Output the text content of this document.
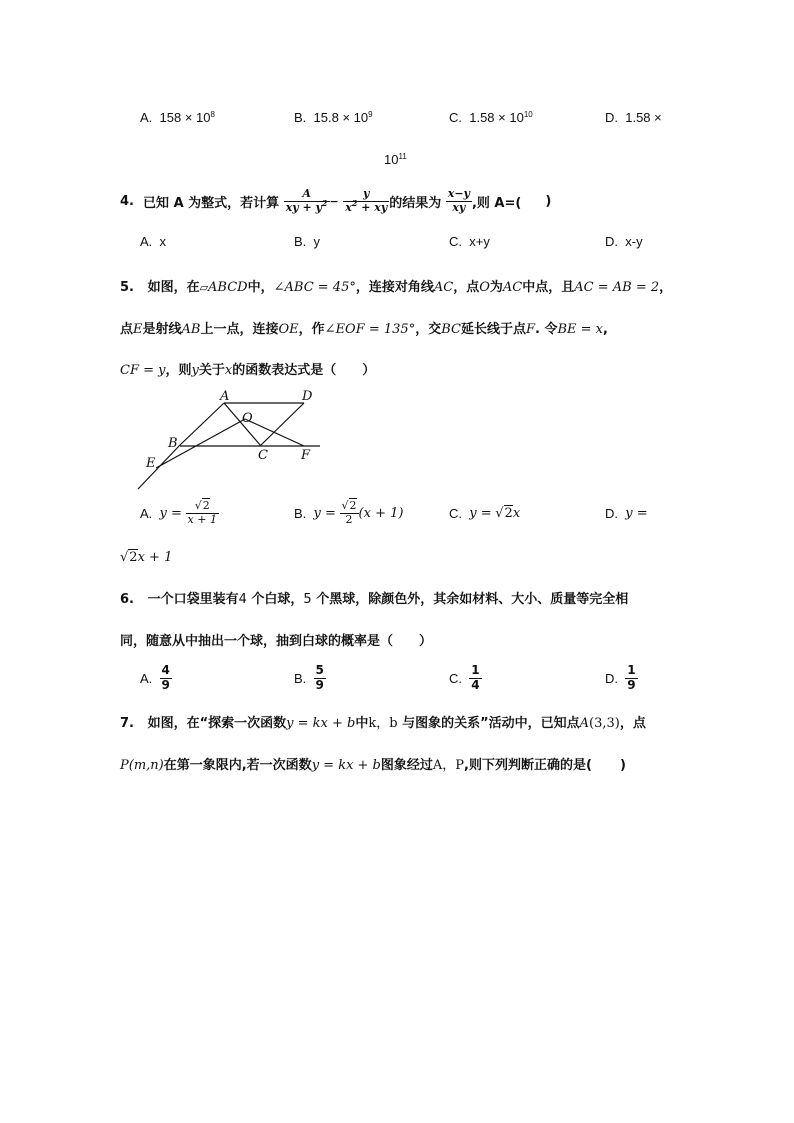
A. $158 \times 10^8$	B. $15.8 \times 10^9$	C. $1.58 \times 10^{10}$	D. 1.58 ×
$10^{11}$
4.
已知 A 为整式，若计算
$\frac{A}{xy + y^2}$ −
$\frac{y}{x^2 + xy}$ 的结果为
$\frac{x-y}{xy}$ ,则 A=( )
A. x	B. y	C. x+y	D. x-y
5. 如图，在▱ABCD中，∠ABC = 45°，连接对角线AC，点O为AC中点，且AC = AB = 2，
点E是射线AB上一点，连接OE，作∠EOF = 135°，交BC延长线于点F. 令BE = x,
CF = y，则y关于x的函数表达式是（ ）
A	D
O
B
C	F
E
A.
y =
$\frac{√2}{x + 1}$	B.
y =
$\frac{√2}{2} (x + 1)$	C.
y =
√2 x	D.
y =
√2x + 1
6. 一个口袋里装有4 个白球，5 个黑球，除颜色外，其余如材料、大小、质量等完全相
同，随意从中抽出一个球，抽到白球的概率是（ ）
A.
$\frac{4}{9}$	B.
$\frac{5}{9}$	C.
$\frac{1}{4}$	D.
$\frac{1}{9}$
7. 如图，在“探索一次函数y = kx + b中k，b 与图象的关系”活动中，已知点A(3,3)，点
P(m,n)在第一象限内,若一次函数y = kx + b图象经过A，P,则下列判断正确的是( )
